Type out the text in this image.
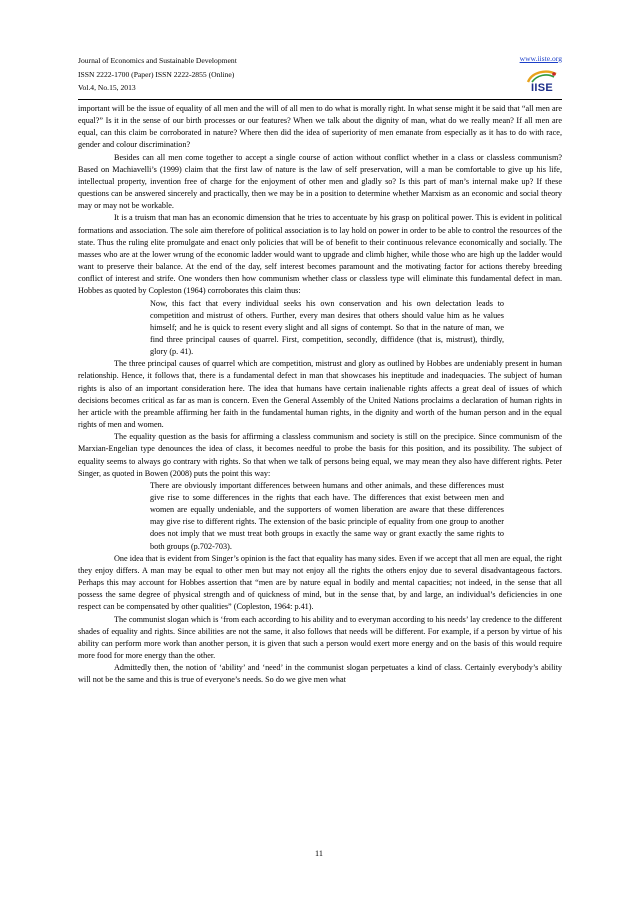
Journal of Economics and Sustainable Development
ISSN 2222-1700 (Paper) ISSN 2222-2855 (Online)
Vol.4, No.15, 2013
www.iiste.org
IISE

important will be the issue of equality of all men and the will of all men to do what is morally right. In what sense might it be said that “all men are equal?” Is it in the sense of our birth processes or our features? When we talk about the dignity of man, what do we really mean? If all men are equal, can this claim be corroborated in nature? Where then did the idea of superiority of men emanate from especially as it has to do with race, gender and colour discrimination?

Besides can all men come together to accept a single course of action without conflict whether in a class or classless communism? Based on Machiavelli’s (1999) claim that the first law of nature is the law of self preservation, will a man be comfortable to give up his life, intellectual property, invention free of charge for the enjoyment of other men and gladly so? Is this part of man’s internal make up? If these questions can be answered sincerely and practically, then we may be in a position to determine whether Marxism as an economic and social theory may or may not be workable.

It is a truism that man has an economic dimension that he tries to accentuate by his grasp on political power. This is evident in political formations and association. The sole aim therefore of political association is to lay hold on power in order to be able to control the resources of the state. Thus the ruling elite promulgate and enact only policies that will be of benefit to their continuous relevance economically and socially. The masses who are at the lower wrung of the economic ladder would want to upgrade and climb higher, while those who are high up the ladder would want to preserve their balance. At the end of the day, self interest becomes paramount and the motivating factor for actions thereby breeding conflict of interest and strife. One wonders then how communism whether class or classless type will eliminate this fundamental defect in man. Hobbes as quoted by Copleston (1964) corroborates this claim thus:

Now, this fact that every individual seeks his own conservation and his own delectation leads to competition and mistrust of others. Further, every man desires that others should value him as he values himself; and he is quick to resent every slight and all signs of contempt. So that in the nature of man, we find three principal causes of quarrel. First, competition, secondly, diffidence (that is, mistrust), thirdly, glory (p. 41).

The three principal causes of quarrel which are competition, mistrust and glory as outlined by Hobbes are undeniably present in human relationship. Hence, it follows that, there is a fundamental defect in man that showcases his ineptitude and inadequacies. The subject of human rights is also of an important consideration here. The idea that humans have certain inalienable rights affects a great deal of issues of which decisions becomes critical as far as man is concern. Even the General Assembly of the United Nations proclaims a declaration of human rights in her article with the preamble affirming her faith in the fundamental human rights, in the dignity and worth of the human person and in the equal rights of men and women.

The equality question as the basis for affirming a classless communism and society is still on the precipice. Since communism of the Marxian-Engelian type denounces the idea of class, it becomes needful to probe the basis for this position, and its possibility. The subject of equality seems to always go contrary with rights. So that when we talk of persons being equal, we may mean they also have different rights. Peter Singer, as quoted in Bowen (2008) puts the point this way:

There are obviously important differences between humans and other animals, and these differences must give rise to some differences in the rights that each have. The differences that exist between men and women are equally undeniable, and the supporters of women liberation are aware that these differences may give rise to different rights. The extension of the basic principle of equality from one group to another does not imply that we must treat both groups in exactly the same way or grant exactly the same rights to both groups (p.702-703).

One idea that is evident from Singer’s opinion is the fact that equality has many sides. Even if we accept that all men are equal, the right they enjoy differs. A man may be equal to other men but may not enjoy all the rights the others enjoy due to several disadvantageous factors. Perhaps this may account for Hobbes assertion that “men are by nature equal in bodily and mental capacities; not indeed, in the sense that all possess the same degree of physical strength and of quickness of mind, but in the sense that, by and large, an individual’s deficiencies in one respect can be compensated by other qualities” (Copleston, 1964: p.41).

The communist slogan which is ‘from each according to his ability and to everyman according to his needs’ lay credence to the different shades of equality and rights. Since abilities are not the same, it also follows that needs will be different. For example, if a person by virtue of his ability can perform more work than another person, it is given that such a person would exert more energy and on the basis of this would require more food for more energy than the other.

Admittedly then, the notion of ‘ability’ and ‘need’ in the communist slogan perpetuates a kind of class. Certainly everybody’s ability will not be the same and this is true of everyone’s needs. So do we give men what

11
